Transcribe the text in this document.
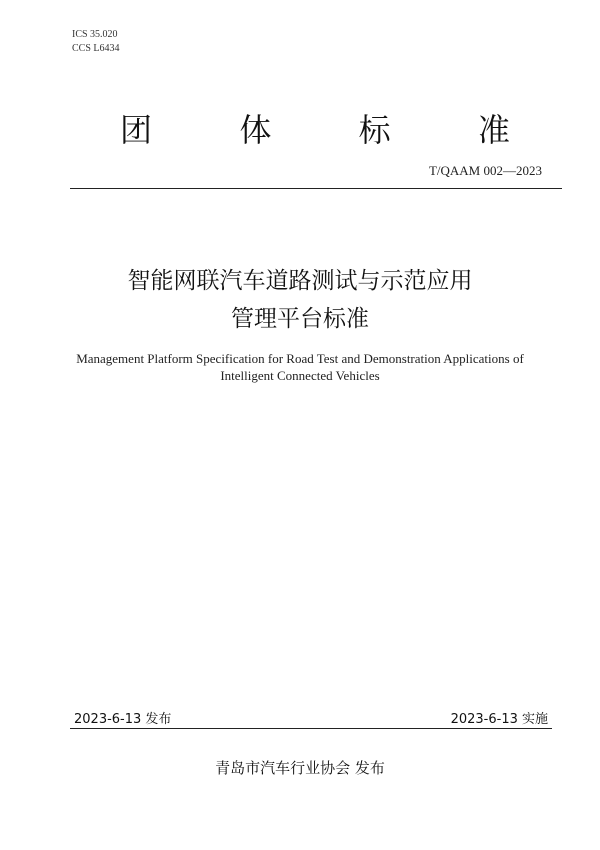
ICS 35.020
CCS L6434
团	体	标	准
T/QAAM 002—2023
智能网联汽车道路测试与示范应用
管理平台标准
Management Platform Specification for Road Test and Demonstration Applications of
Intelligent Connected Vehicles
2023-6-13 发布	2023-6-13 实施
青岛市汽车行业协会 发布
